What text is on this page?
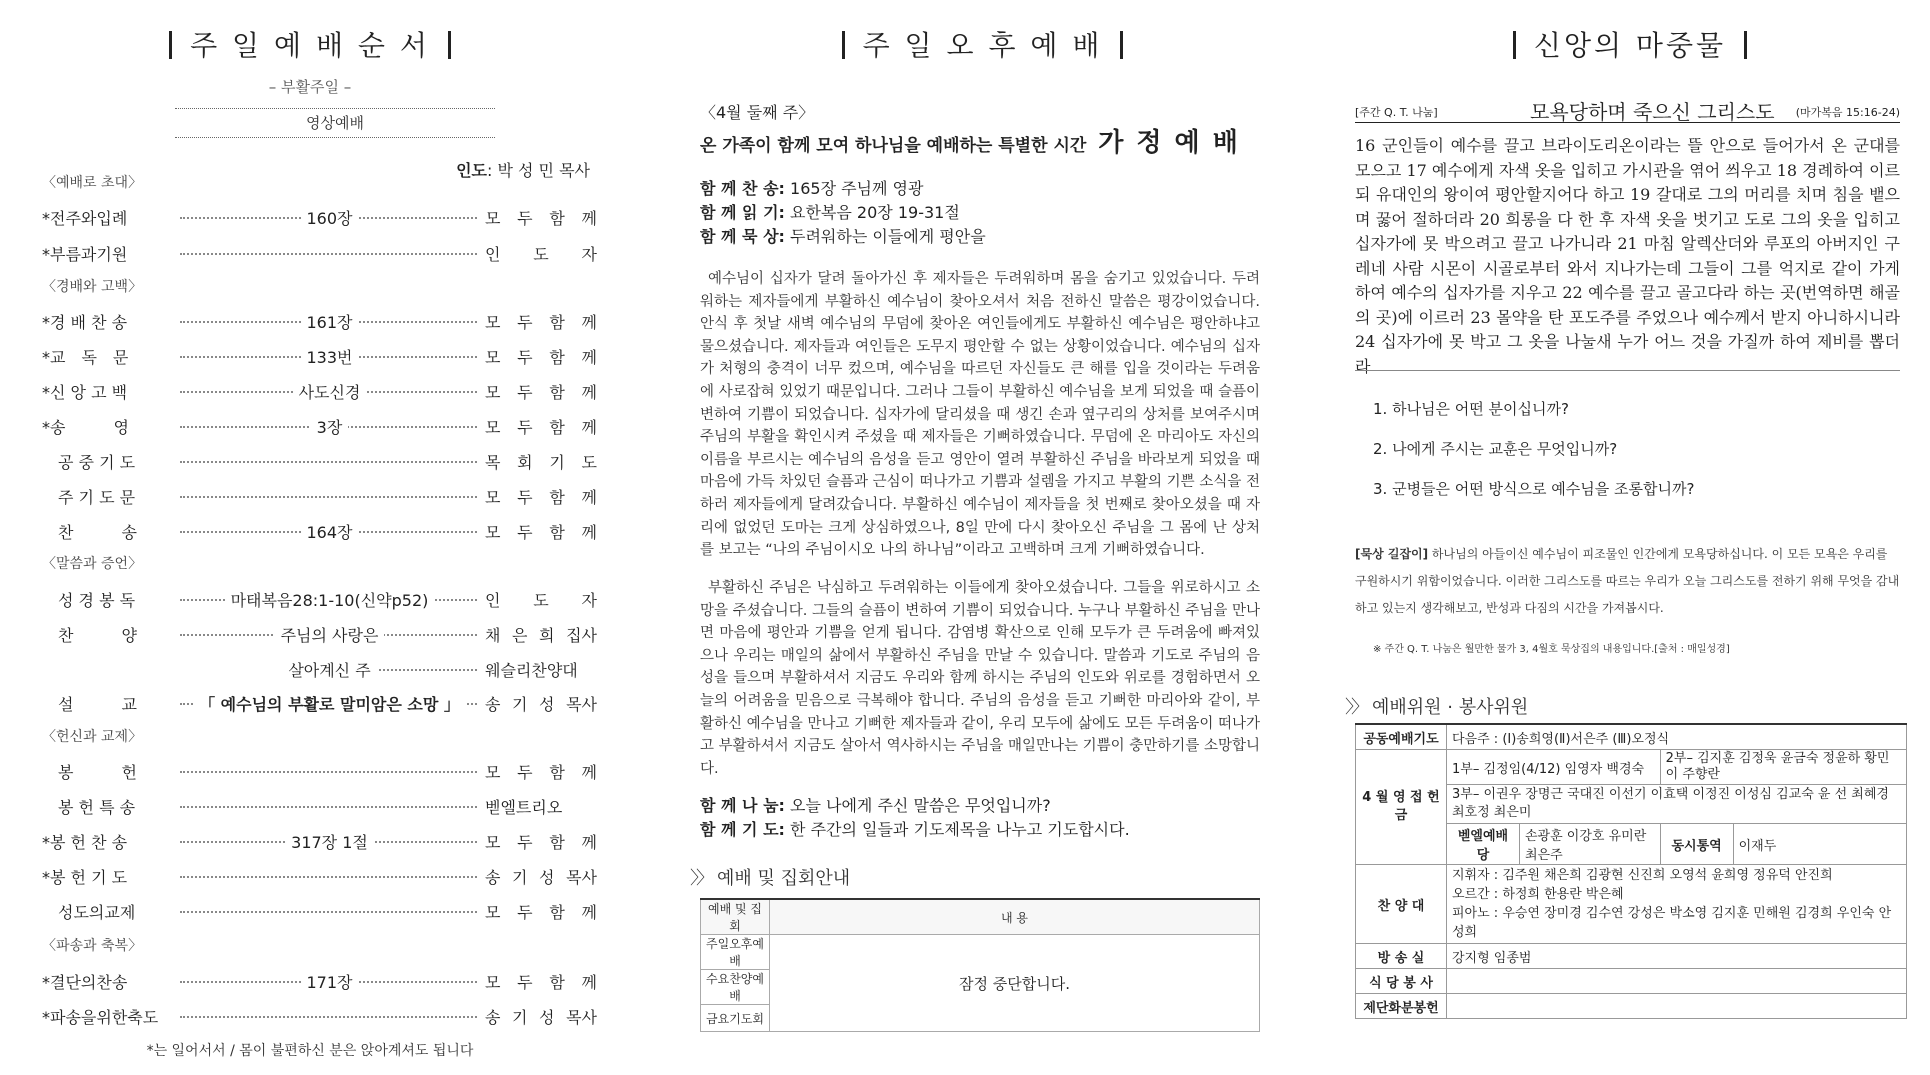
주 일 예 배 순 서
– 부활주일 –
영상예배
인도: 박 성 민 목사
〈예배로 초대〉
〈경배와 고백〉
〈말씀과 증언〉
〈헌신과 교제〉
〈파송과 축복〉
*전주와입례	160장	모 두 함 께
*부름과기원	인 도 자
*경 배 찬 송	161장	모 두 함 께
*교　독　문	133번	모 두 함 께
*신 앙 고 백	사도신경	모 두 함 께
*송　　　영	3장	모 두 함 께
　공 중 기 도	목 회 기 도
　주 기 도 문	모 두 함 께
　찬　　　송	164장	모 두 함 께
　성 경 봉 독	마태복음28:1-10(신약p52)	인 도 자
　찬　　　양	주님의 사랑은	채 은 희 집사
살아계신 주	웨슬리찬양대
　설　　　교	「 예수님의 부활로 말미암은 소망 」	송 기 성 목사
　봉　　　헌	모 두 함 께
　봉 헌 특 송	벧엘트리오
*봉 헌 찬 송	317장 1절	모 두 함 께
*봉 헌 기 도	송 기 성 목사
　성도의교제	모 두 함 께
*결단의찬송	171장	모 두 함 께
*파송을위한축도	송 기 성 목사
*는 일어서서 / 몸이 불편하신 분은 앉아계셔도 됩니다
주 일 오 후 예 배
〈4월 둘째 주〉
온 가족이 함께 모여 하나님을 예배하는 특별한 시간 가 정 예 배
함 께 찬 송: 165장 주님께 영광
함 께 읽 기: 요한복음 20장 19-31절
함 께 묵 상: 두려워하는 이들에게 평안을
예수님이 십자가 달려 돌아가신 후 제자들은 두려워하며 몸을 숨기고 있었습니다. 두려워하는 제자들에게 부활하신 예수님이 찾아오셔서 처음 전하신 말씀은 평강이었습니다. 안식 후 첫날 새벽 예수님의 무덤에 찾아온 여인들에게도 부활하신 예수님은 평안하냐고 물으셨습니다. 제자들과 여인들은 도무지 평안할 수 없는 상황이었습니다. 예수님의 십자가 처형의 충격이 너무 컸으며, 예수님을 따르던 자신들도 큰 해를 입을 것이라는 두려움에 사로잡혀 있었기 때문입니다. 그러나 그들이 부활하신 예수님을 보게 되었을 때 슬픔이 변하여 기쁨이 되었습니다. 십자가에 달리셨을 때 생긴 손과 옆구리의 상처를 보여주시며 주님의 부활을 확인시켜 주셨을 때 제자들은 기뻐하였습니다. 무덤에 온 마리아도 자신의 이름을 부르시는 예수님의 음성을 듣고 영안이 열려 부활하신 주님을 바라보게 되었을 때 마음에 가득 차있던 슬픔과 근심이 떠나가고 기쁨과 설렘을 가지고 부활의 기쁜 소식을 전하러 제자들에게 달려갔습니다. 부활하신 예수님이 제자들을 첫 번째로 찾아오셨을 때 자리에 없었던 도마는 크게 상심하였으나, 8일 만에 다시 찾아오신 주님을 그 몸에 난 상처를 보고는 “나의 주님이시오 나의 하나님”이라고 고백하며 크게 기뻐하였습니다.
부활하신 주님은 낙심하고 두려워하는 이들에게 찾아오셨습니다. 그들을 위로하시고 소망을 주셨습니다. 그들의 슬픔이 변하여 기쁨이 되었습니다. 누구나 부활하신 주님을 만나면 마음에 평안과 기쁨을 얻게 됩니다. 감염병 확산으로 인해 모두가 큰 두려움에 빠져있으나 우리는 매일의 삶에서 부활하신 주님을 만날 수 있습니다. 말씀과 기도로 주님의 음성을 들으며 부활하셔서 지금도 우리와 함께 하시는 주님의 인도와 위로를 경험하면서 오늘의 어려움을 믿음으로 극복해야 합니다. 주님의 음성을 듣고 기뻐한 마리아와 같이, 부활하신 예수님을 만나고 기뻐한 제자들과 같이, 우리 모두에 삶에도 모든 두려움이 떠나가고 부활하셔서 지금도 살아서 역사하시는 주님을 매일만나는 기쁨이 충만하기를 소망합니다.
함 께 나 눔: 오늘 나에게 주신 말씀은 무엇입니까?
함 께 기 도: 한 주간의 일들과 기도제목을 나누고 기도합시다.
〉〉 예배 및 집회안내
예배 및 집회	내 용
주일오후예배	잠정 중단합니다.
수요찬양예배	
금요기도회	
신앙의 마중물
[주간 Q. T. 나눔]	모욕당하며 죽으신 그리스도 (마가복음 15:16-24)
16 군인들이 예수를 끌고 브라이도리온이라는 뜰 안으로 들어가서 온 군대를 모으고 17 예수에게 자색 옷을 입히고 가시관을 엮어 씌우고 18 경례하여 이르되 유대인의 왕이여 평안할지어다 하고 19 갈대로 그의 머리를 치며 침을 뱉으며 꿇어 절하더라 20 희롱을 다 한 후 자색 옷을 벗기고 도로 그의 옷을 입히고 십자가에 못 박으려고 끌고 나가니라 21 마침 알렉산더와 루포의 아버지인 구레네 사람 시몬이 시골로부터 와서 지나가는데 그들이 그를 억지로 같이 가게 하여 예수의 십자가를 지우고 22 예수를 끌고 골고다라 하는 곳(번역하면 해골의 곳)에 이르러 23 몰약을 탄 포도주를 주었으나 예수께서 받지 아니하시니라 24 십자가에 못 박고 그 옷을 나눌새 누가 어느 것을 가질까 하여 제비를 뽑더라
1. 하나님은 어떤 분이십니까?
2. 나에게 주시는 교훈은 무엇입니까?
3. 군병들은 어떤 방식으로 예수님을 조롱합니까?
[묵상 길잡이] 하나님의 아들이신 예수님이 피조물인 인간에게 모욕당하십니다. 이 모든 모욕은 우리를 구원하시기 위함이었습니다. 이러한 그리스도를 따르는 우리가 오늘 그리스도를 전하기 위해 무엇을 감내하고 있는지 생각해보고, 반성과 다짐의 시간을 가져봅시다.
※ 주간 Q. T. 나눔은 월만한 물가 3, 4월호 묵상집의 내용입니다.[출처 : 매일성경]
〉〉 예배위원 · 봉사위원
공동예배기도	다음주 : (Ⅰ)송희영(Ⅱ)서은주 (Ⅲ)오정식			
4 월 영 접 헌 금	1부– 김정임(4/12) 임영자 백경숙		2부– 김지훈 김정욱 윤금숙 정윤하 황민이 주향란	
	3부– 이권우 장명근 국대진 이선기 이효택 이정진 이성심 김교숙 윤 선 최혜경 최호정 최은미			
	벧엘예배당	손광훈 이강호 유미란 최은주	동시통역	이재두
찬 양 대	지휘자 : 김주원 채은희 김광현 신진희 오영석 윤희영 정유덕 안진희
오르간 : 하정희 한용란 박은혜
피아노 : 우승연 장미경 김수연 강성은 박소영 김지훈 민해원 김경희 우인숙 안성희			

방 송 실	강지형 임종범			
식 당 봉 사				
제단화분봉헌				
